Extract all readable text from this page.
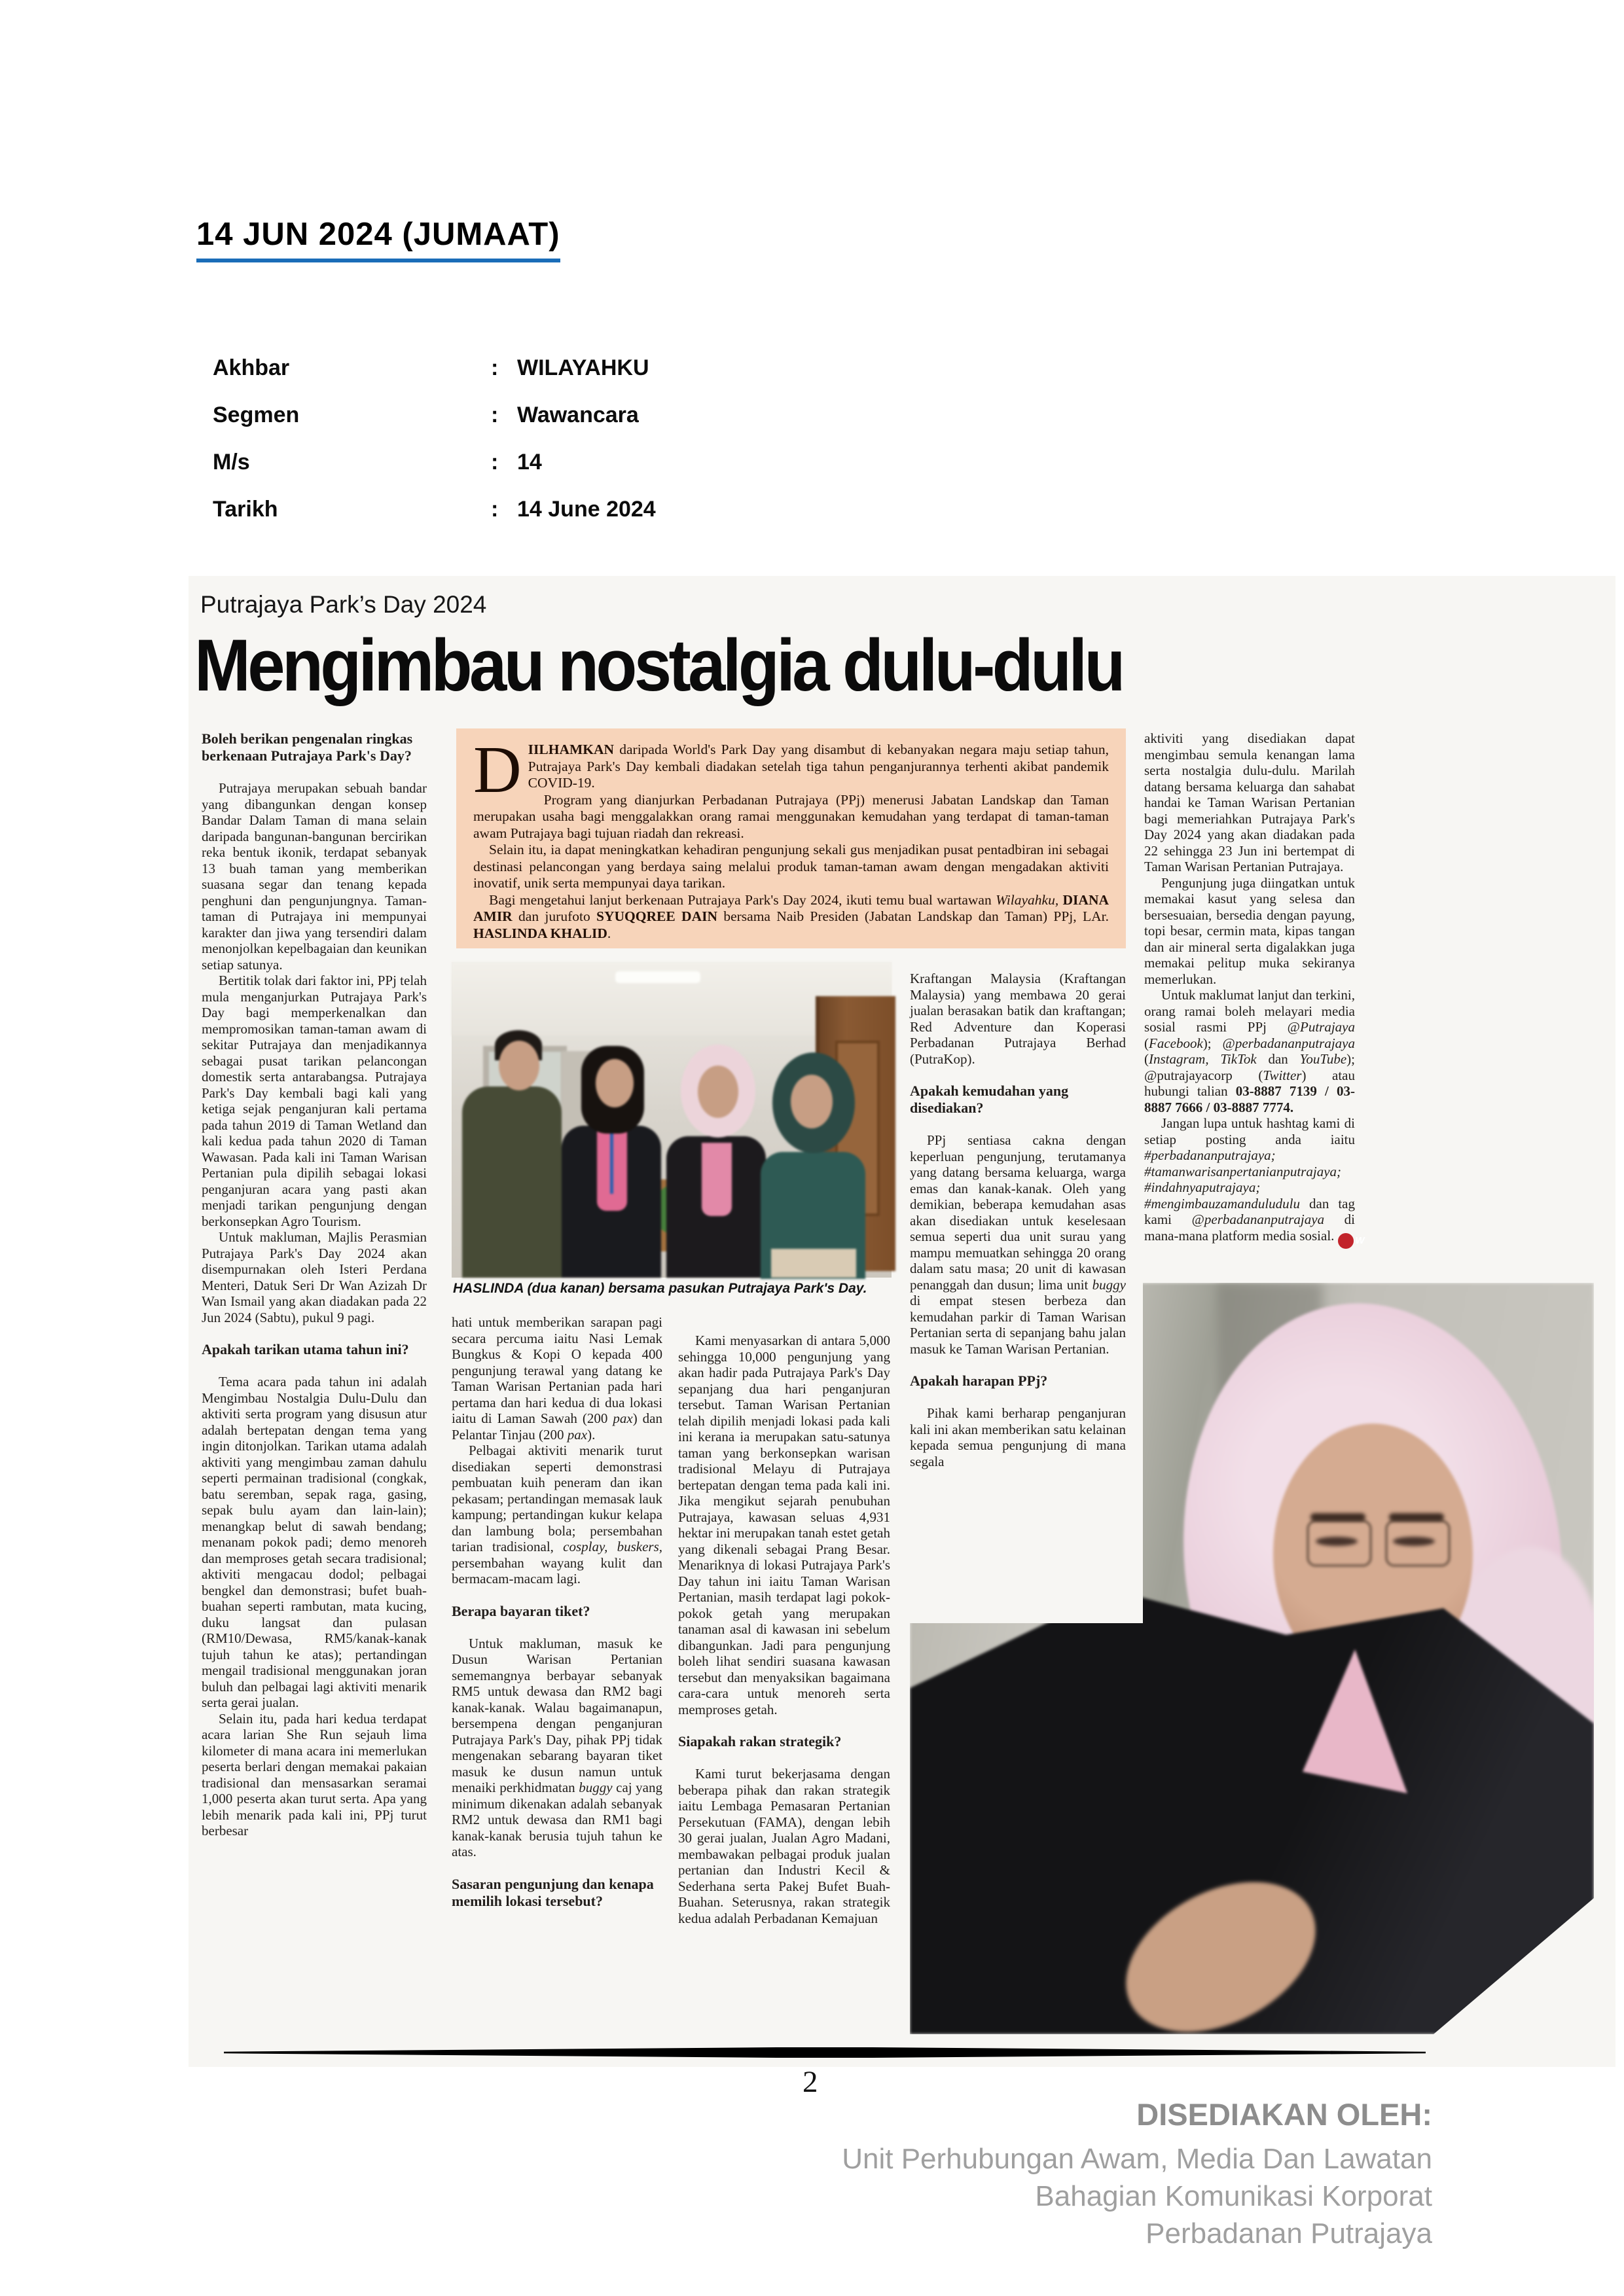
14 JUN 2024 (JUMAAT)
Akhbar	: WILAYAHKU
Segmen	: Wawancara
M/s	: 14
Tarikh	: 14 June 2024
Putrajaya Park’s Day 2024
Mengimbau nostalgia dulu-dulu

DIILHAMKAN daripada World's Park Day yang disambut di kebanyakan negara maju setiap tahun, Putrajaya Park's Day kembali diadakan setelah tiga tahun penganjurannya terhenti akibat pandemik COVID-19.

Program yang dianjurkan Perbadanan Putrajaya (PPj) menerusi Jabatan Landskap dan Taman merupakan usaha bagi menggalakkan orang ramai menggunakan kemudahan yang terdapat di taman-taman awam Putrajaya bagi tujuan riadah dan rekreasi.

Selain itu, ia dapat meningkatkan kehadiran pengunjung sekali gus menjadikan pusat pentadbiran ini sebagai destinasi pelancongan yang berdaya saing melalui produk taman-taman awam dengan mengadakan aktiviti inovatif, unik serta mempunyai daya tarikan.

Bagi mengetahui lanjut berkenaan Putrajaya Park's Day 2024, ikuti temu bual wartawan Wilayahku, DIANA AMIR dan jurufoto SYUQQREE DAIN bersama Naib Presiden (Jabatan Landskap dan Taman) PPj, LAr. HASLINDA KHALID.

HASLINDA (dua kanan) bersama pasukan Putrajaya Park's Day.
Boleh berikan pengenalan ringkas berkenaan Putrajaya Park's Day?

Putrajaya merupakan sebuah bandar yang dibangunkan dengan konsep Bandar Dalam Taman di mana selain daripada bangunan-bangunan bercirikan reka bentuk ikonik, terdapat sebanyak 13 buah taman yang memberikan suasana segar dan tenang kepada penghuni dan pengunjungnya. Taman-taman di Putrajaya ini mempunyai karakter dan jiwa yang tersendiri dalam menonjolkan kepelbagaian dan keunikan setiap satunya.

Bertitik tolak dari faktor ini, PPj telah mula menganjurkan Putrajaya Park's Day bagi memperkenalkan dan mempromosikan taman-taman awam di sekitar Putrajaya dan menjadikannya sebagai pusat tarikan pelancongan domestik serta antarabangsa. Putrajaya Park's Day kembali bagi kali yang ketiga sejak penganjuran kali pertama pada tahun 2019 di Taman Wetland dan kali kedua pada tahun 2020 di Taman Wawasan. Pada kali ini Taman Warisan Pertanian pula dipilih sebagai lokasi penganjuran acara yang pasti akan menjadi tarikan pengunjung dengan berkonsepkan Agro Tourism.

Untuk makluman, Majlis Perasmian Putrajaya Park's Day 2024 akan disempurnakan oleh Isteri Perdana Menteri, Datuk Seri Dr Wan Azizah Dr Wan Ismail yang akan diadakan pada 22 Jun 2024 (Sabtu), pukul 9 pagi.

Apakah tarikan utama tahun ini?

Tema acara pada tahun ini adalah Mengimbau Nostalgia Dulu-Dulu dan aktiviti serta program yang disusun atur adalah bertepatan dengan tema yang ingin ditonjolkan. Tarikan utama adalah aktiviti yang mengimbau zaman dahulu seperti permainan tradisional (congkak, batu seremban, sepak raga, gasing, sepak bulu ayam dan lain-lain); menangkap belut di sawah bendang; menanam pokok padi; demo menoreh dan memproses getah secara tradisional; aktiviti mengacau dodol; pelbagai bengkel dan demonstrasi; bufet buah-buahan seperti rambutan, mata kucing, duku langsat dan pulasan (RM10/Dewasa, RM5/kanak-kanak tujuh tahun ke atas); pertandingan mengail tradisional menggunakan joran buluh dan pelbagai lagi aktiviti menarik serta gerai jualan.

Selain itu, pada hari kedua terdapat acara larian She Run sejauh lima kilometer di mana acara ini memerlukan peserta berlari dengan memakai pakaian tradisional dan mensasarkan seramai 1,000 peserta akan turut serta. Apa yang lebih menarik pada kali ini, PPj turut berbesar

hati untuk memberikan sarapan pagi secara percuma iaitu Nasi Lemak Bungkus & Kopi O kepada 400 pengunjung terawal yang datang ke Taman Warisan Pertanian pada hari pertama dan hari kedua di dua lokasi iaitu di Laman Sawah (200 pax) dan Pelantar Tinjau (200 pax).

Pelbagai aktiviti menarik turut disediakan seperti demonstrasi pembuatan kuih peneram dan ikan pekasam; pertandingan memasak lauk kampung; pertandingan kukur kelapa dan lambung bola; persembahan tarian tradisional, cosplay, buskers, persembahan wayang kulit dan bermacam-macam lagi.

Berapa bayaran tiket?

Untuk makluman, masuk ke Dusun Warisan Pertanian sememangnya berbayar sebanyak RM5 untuk dewasa dan RM2 bagi kanak-kanak. Walau bagaimanapun, bersempena dengan penganjuran Putrajaya Park's Day, pihak PPj tidak mengenakan sebarang bayaran tiket masuk ke dusun namun untuk menaiki perkhidmatan buggy caj yang minimum dikenakan adalah sebanyak RM2 untuk dewasa dan RM1 bagi kanak-kanak berusia tujuh tahun ke atas.

Sasaran pengunjung dan kenapa memilih lokasi tersebut?

Kami menyasarkan di antara 5,000 sehingga 10,000 pengunjung yang akan hadir pada Putrajaya Park's Day sepanjang dua hari penganjuran tersebut. Taman Warisan Pertanian telah dipilih menjadi lokasi pada kali ini kerana ia merupakan satu-satunya taman yang berkonsepkan warisan tradisional Melayu di Putrajaya bertepatan dengan tema pada kali ini. Jika mengikut sejarah penubuhan Putrajaya, kawasan seluas 4,931 hektar ini merupakan tanah estet getah yang dikenali sebagai Prang Besar. Menariknya di lokasi Putrajaya Park's Day tahun ini iaitu Taman Warisan Pertanian, masih terdapat lagi pokok-pokok getah yang merupakan tanaman asal di kawasan ini sebelum dibangunkan. Jadi para pengunjung boleh lihat sendiri suasana kawasan tersebut dan menyaksikan bagaimana cara-cara untuk menoreh serta memproses getah.

Siapakah rakan strategik?

Kami turut bekerjasama dengan beberapa pihak dan rakan strategik iaitu Lembaga Pemasaran Pertanian Persekutuan (FAMA), dengan lebih 30 gerai jualan, Jualan Agro Madani, membawakan pelbagai produk jualan pertanian dan Industri Kecil & Sederhana serta Pakej Bufet Buah-Buahan. Seterusnya, rakan strategik kedua adalah Perbadanan Kemajuan

Kraftangan Malaysia (Kraftangan Malaysia) yang membawa 20 gerai jualan berasakan batik dan kraftangan; Red Adventure dan Koperasi Perbadanan Putrajaya Berhad (PutraKop).

Apakah kemudahan yang disediakan?

PPj sentiasa cakna dengan keperluan pengunjung, terutamanya yang datang bersama keluarga, warga emas dan kanak-kanak. Oleh yang demikian, beberapa kemudahan asas akan disediakan untuk keselesaan semua seperti dua unit surau yang mampu memuatkan sehingga 20 orang dalam satu masa; 20 unit di kawasan penanggah dan dusun; lima unit buggy di empat stesen berbeza dan kemudahan parkir di Taman Warisan Pertanian serta di sepanjang bahu jalan masuk ke Taman Warisan Pertanian.

Apakah harapan PPj?

Pihak kami berharap penganjuran kali ini akan memberikan satu kelainan kepada semua pengunjung di mana segala

aktiviti yang disediakan dapat mengimbau semula kenangan lama serta nostalgia dulu-dulu. Marilah datang bersama keluarga dan sahabat handai ke Taman Warisan Pertanian bagi memeriahkan Putrajaya Park's Day 2024 yang akan diadakan pada 22 sehingga 23 Jun ini bertempat di Taman Warisan Pertanian Putrajaya.

Pengunjung juga diingatkan untuk memakai kasut yang selesa dan bersesuaian, bersedia dengan payung, topi besar, cermin mata, kipas tangan dan air mineral serta digalakkan juga memakai pelitup muka sekiranya memerlukan.

Untuk maklumat lanjut dan terkini, orang ramai boleh melayari media sosial rasmi PPj @Putrajaya (Facebook); @perbadananputrajaya (Instagram, TikTok dan YouTube); @putrajayacorp (Twitter) atau hubungi talian 03-8887 7139 / 03-8887 7666 / 03-8887 7774.

Jangan lupa untuk hashtag kami di setiap posting anda iaitu #perbadananputrajaya; #tamanwarisanpertanianputrajaya; #indahnyaputrajaya; #mengimbauzamanduludulu dan tag kami @perbadananputrajaya di mana-mana platform media sosial. W

2
DISEDIAKAN OLEH:
Unit Perhubungan Awam, Media Dan Lawatan
Bahagian Komunikasi Korporat
Perbadanan Putrajaya
